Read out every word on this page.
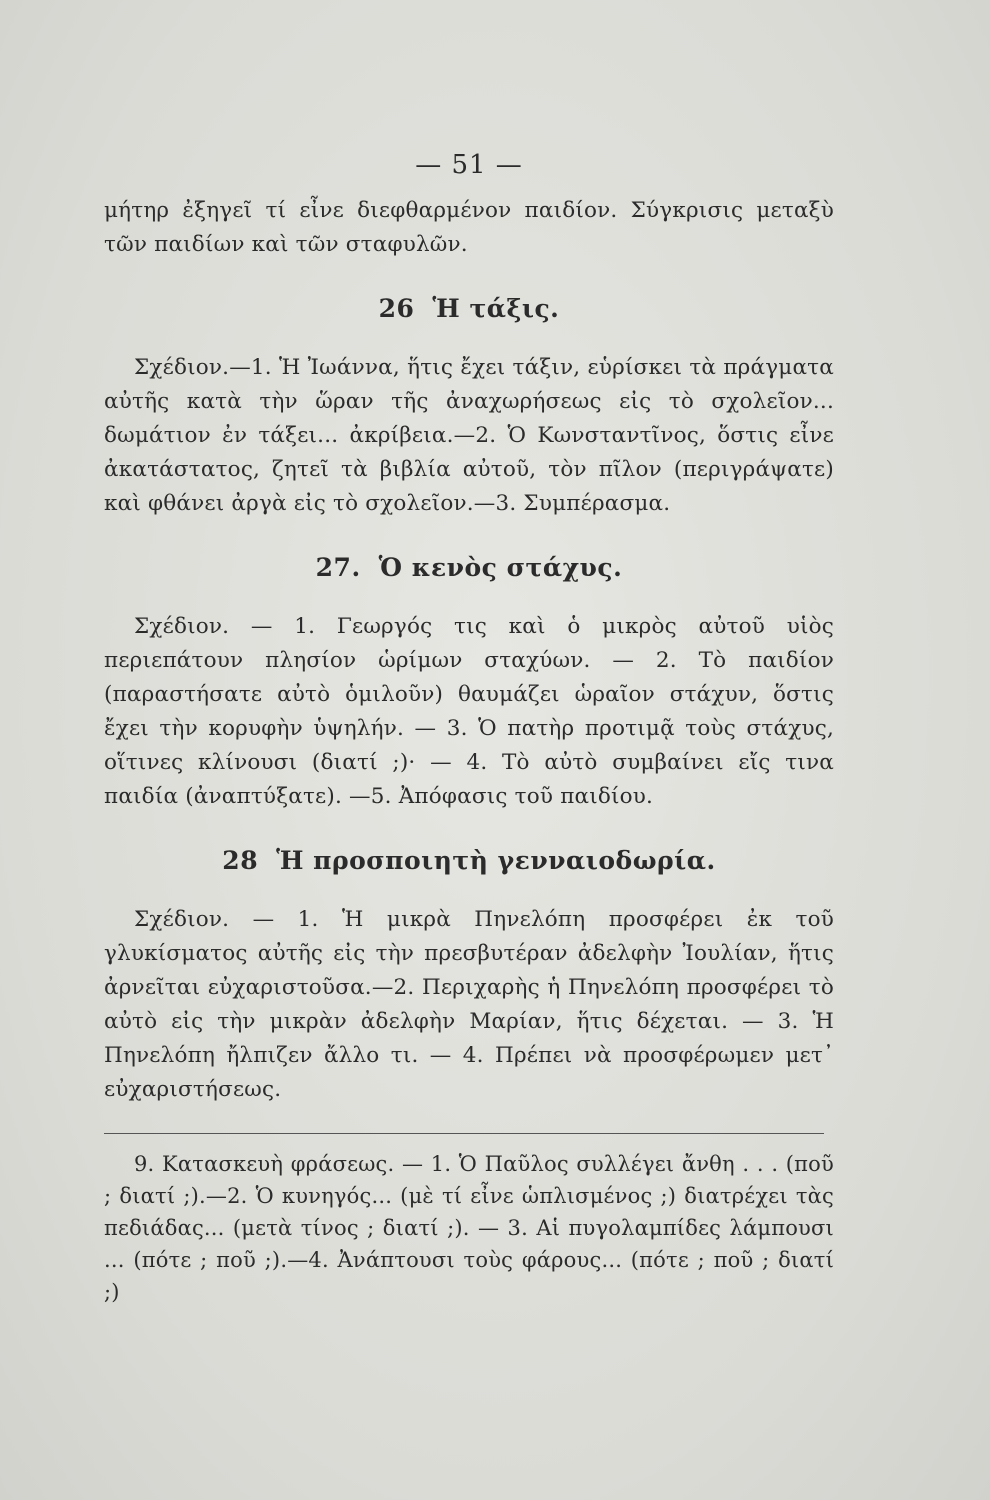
— 51 —

μήτηρ ἐξηγεῖ τί εἶνε διεφθαρμένον παιδίον. Σύγκρισις μεταξὺ τῶν παιδίων καὶ τῶν σταφυλῶν.

26 Ἡ τάξις.

Σχέδιον.—1. Ἡ Ἰωάννα, ἥτις ἔχει τάξιν, εὑρίσκει τὰ πράγματα αὐτῆς κατὰ τὴν ὥραν τῆς ἀναχωρήσεως εἰς τὸ σχολεῖον... δωμάτιον ἐν τάξει... ἀκρίβεια.—2. Ὁ Κωνσταντῖνος, ὅστις εἶνε ἀκατάστατος, ζητεῖ τὰ βιβλία αὐτοῦ, τὸν πῖλον (περιγράψατε) καὶ φθάνει ἀργὰ εἰς τὸ σχολεῖον.—3. Συμπέρασμα.

27. Ὁ κενὸς στάχυς.

Σχέδιον. — 1. Γεωργός τις καὶ ὁ μικρὸς αὐτοῦ υἱὸς περιεπάτουν πλησίον ὡρίμων σταχύων. — 2. Τὸ παιδίον (παραστήσατε αὐτὸ ὁμιλοῦν) θαυμάζει ὡραῖον στάχυν, ὅστις ἔχει τὴν κορυφὴν ὑψηλήν. — 3. Ὁ πατὴρ προτιμᾷ τοὺς στάχυς, οἵτινες κλίνουσι (διατί ;)· — 4. Τὸ αὐτὸ συμβαίνει εἴς τινα παιδία (ἀναπτύξατε). —5. Ἀπόφασις τοῦ παιδίου.

28 Ἡ προσποιητὴ γενναιοδωρία.

Σχέδιον. — 1. Ἡ μικρὰ Πηνελόπη προσφέρει ἐκ τοῦ γλυκίσματος αὐτῆς εἰς τὴν πρεσβυτέραν ἀδελφὴν Ἰουλίαν, ἥτις ἀρνεῖται εὐχαριστοῦσα.—2. Περιχαρὴς ἡ Πηνελόπη προσφέρει τὸ αὐτὸ εἰς τὴν μικρὰν ἀδελφὴν Μαρίαν, ἥτις δέχεται. — 3. Ἡ Πηνελόπη ἤλπιζεν ἄλλο τι. — 4. Πρέπει νὰ προσφέρωμεν μετ᾽ εὐχαριστήσεως.

9. Κατασκευὴ φράσεως. — 1. Ὁ Παῦλος συλλέγει ἄνθη . . . (ποῦ ; διατί ;).—2. Ὁ κυνηγός... (μὲ τί εἶνε ὡπλισμένος ;) διατρέχει τὰς πεδιάδας... (μετὰ τίνος ; διατί ;). — 3. Αἱ πυγολαμπίδες λάμπουσι ... (πότε ; ποῦ ;).—4. Ἀνάπτουσι τοὺς φάρους... (πότε ; ποῦ ; διατί ;)
